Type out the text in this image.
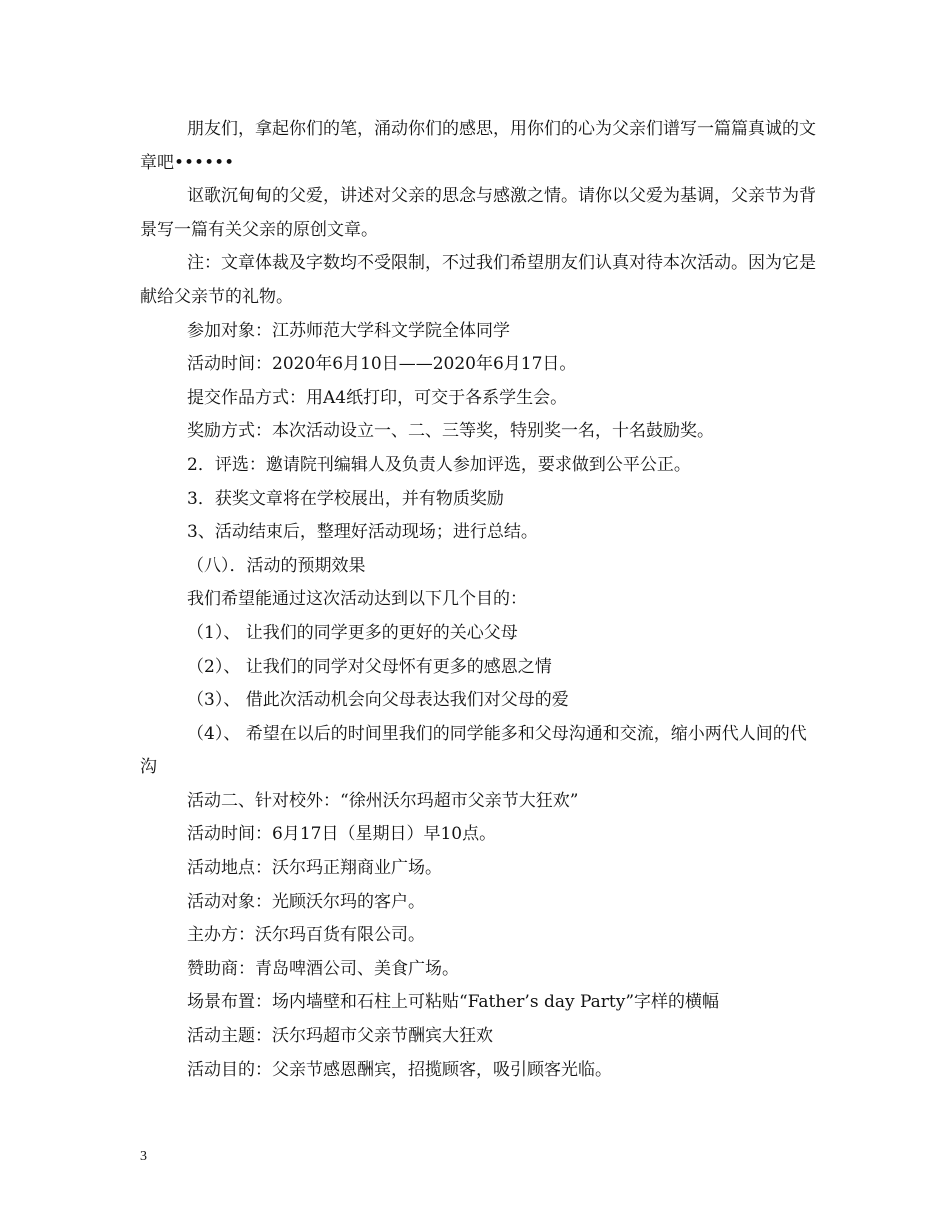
朋友们，拿起你们的笔，涌动你们的感思，用你们的心为父亲们谱写一篇篇真诚的文章吧••••••

讴歌沉甸甸的父爱，讲述对父亲的思念与感激之情。请你以父爱为基调，父亲节为背景写一篇有关父亲的原创文章。

注：文章体裁及字数均不受限制，不过我们希望朋友们认真对待本次活动。因为它是献给父亲节的礼物。

参加对象：江苏师范大学科文学院全体同学

活动时间：2020年6月10日——2020年6月17日。

提交作品方式：用A4纸打印，可交于各系学生会。

奖励方式：本次活动设立一、二、三等奖，特别奖一名，十名鼓励奖。

2．评选：邀请院刊编辑人及负责人参加评选，要求做到公平公正。

3．获奖文章将在学校展出，并有物质奖励

3、活动结束后，整理好活动现场；进行总结。

（八）．活动的预期效果

我们希望能通过这次活动达到以下几个目的：

（1）、 让我们的同学更多的更好的关心父母

（2）、 让我们的同学对父母怀有更多的感恩之情

（3）、 借此次活动机会向父母表达我们对父母的爱

（4）、 希望在以后的时间里我们的同学能多和父母沟通和交流，缩小两代人间的代沟

活动二、针对校外：“徐州沃尔玛超市父亲节大狂欢”

活动时间：6月17日（星期日）早10点。

活动地点：沃尔玛正翔商业广场。

活动对象：光顾沃尔玛的客户。

主办方：沃尔玛百货有限公司。

赞助商：青岛啤酒公司、美食广场。

场景布置：场内墙壁和石柱上可粘贴“Father’s day Party”字样的横幅

活动主题：沃尔玛超市父亲节酬宾大狂欢

活动目的：父亲节感恩酬宾，招揽顾客，吸引顾客光临。

3
